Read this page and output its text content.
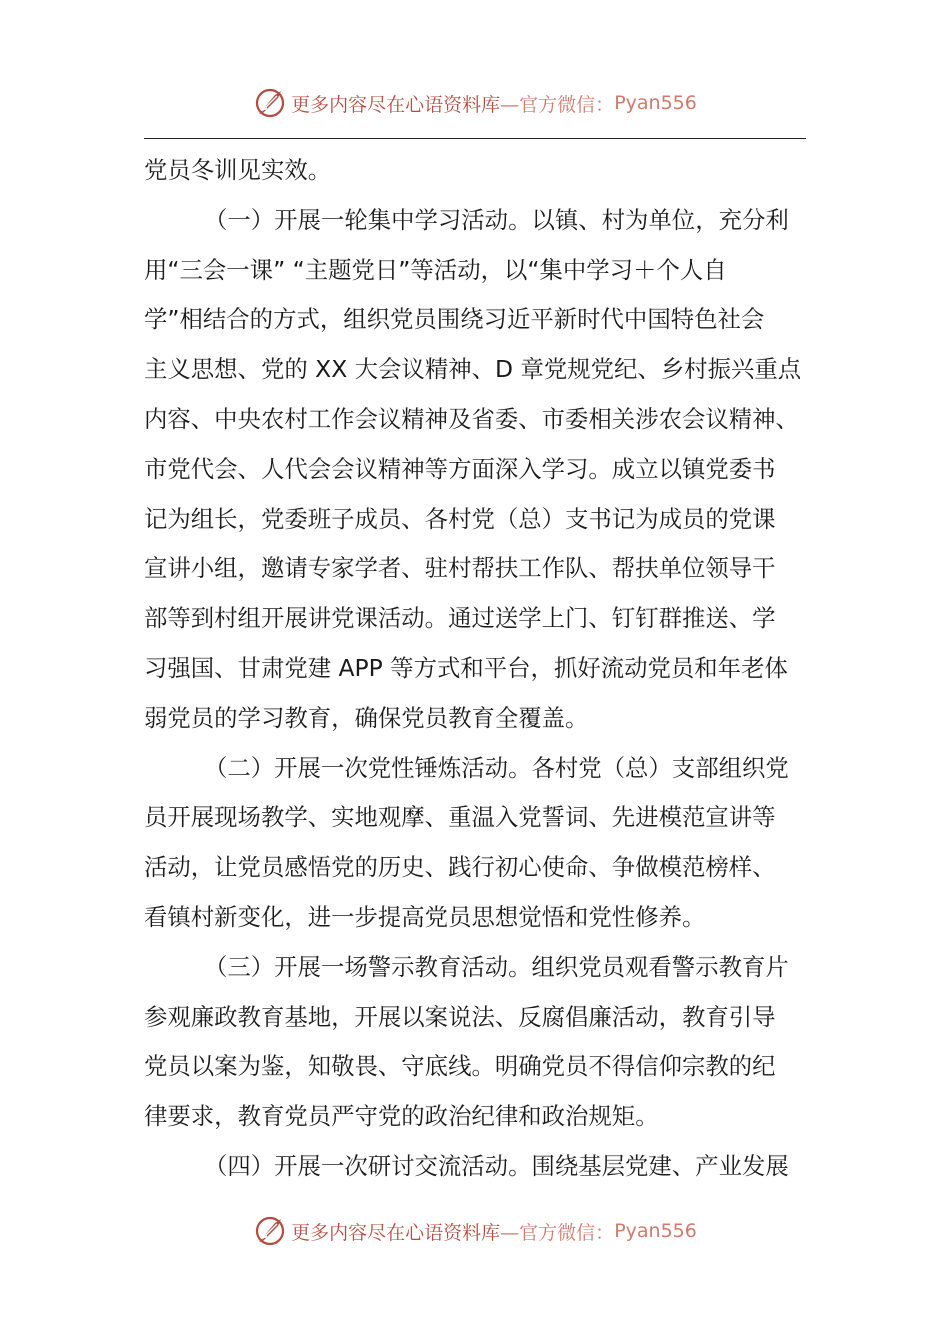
更多内容尽在心语资料库 —官方微信： Pyan556
党员冬训见实效。
（一）开展一轮集中学习活动。以镇、村为单位，充分利
用“三会一课” “主题党日”等活动，以“集中学习＋个人自
学”相结合的方式，组织党员围绕习近平新时代中国特色社会
主义思想、党的 XX 大会议精神、D 章党规党纪、乡村振兴重点
内容、中央农村工作会议精神及省委、市委相关涉农会议精神、
市党代会、人代会会议精神等方面深入学习。成立以镇党委书
记为组长，党委班子成员、各村党（总）支书记为成员的党课
宣讲小组，邀请专家学者、驻村帮扶工作队、帮扶单位领导干
部等到村组开展讲党课活动。通过送学上门、钉钉群推送、学
习强国、甘肃党建 APP 等方式和平台，抓好流动党员和年老体
弱党员的学习教育，确保党员教育全覆盖。
（二）开展一次党性锤炼活动。各村党（总）支部组织党
员开展现场教学、实地观摩、重温入党誓词、先进模范宣讲等
活动，让党员感悟党的历史、践行初心使命、争做模范榜样、
看镇村新变化，进一步提高党员思想觉悟和党性修养。
（三）开展一场警示教育活动。组织党员观看警示教育片
参观廉政教育基地，开展以案说法、反腐倡廉活动，教育引导
党员以案为鉴，知敬畏、守底线。明确党员不得信仰宗教的纪
律要求，教育党员严守党的政治纪律和政治规矩。
（四）开展一次研讨交流活动。围绕基层党建、产业发展
更多内容尽在心语资料库 —官方微信： Pyan556
